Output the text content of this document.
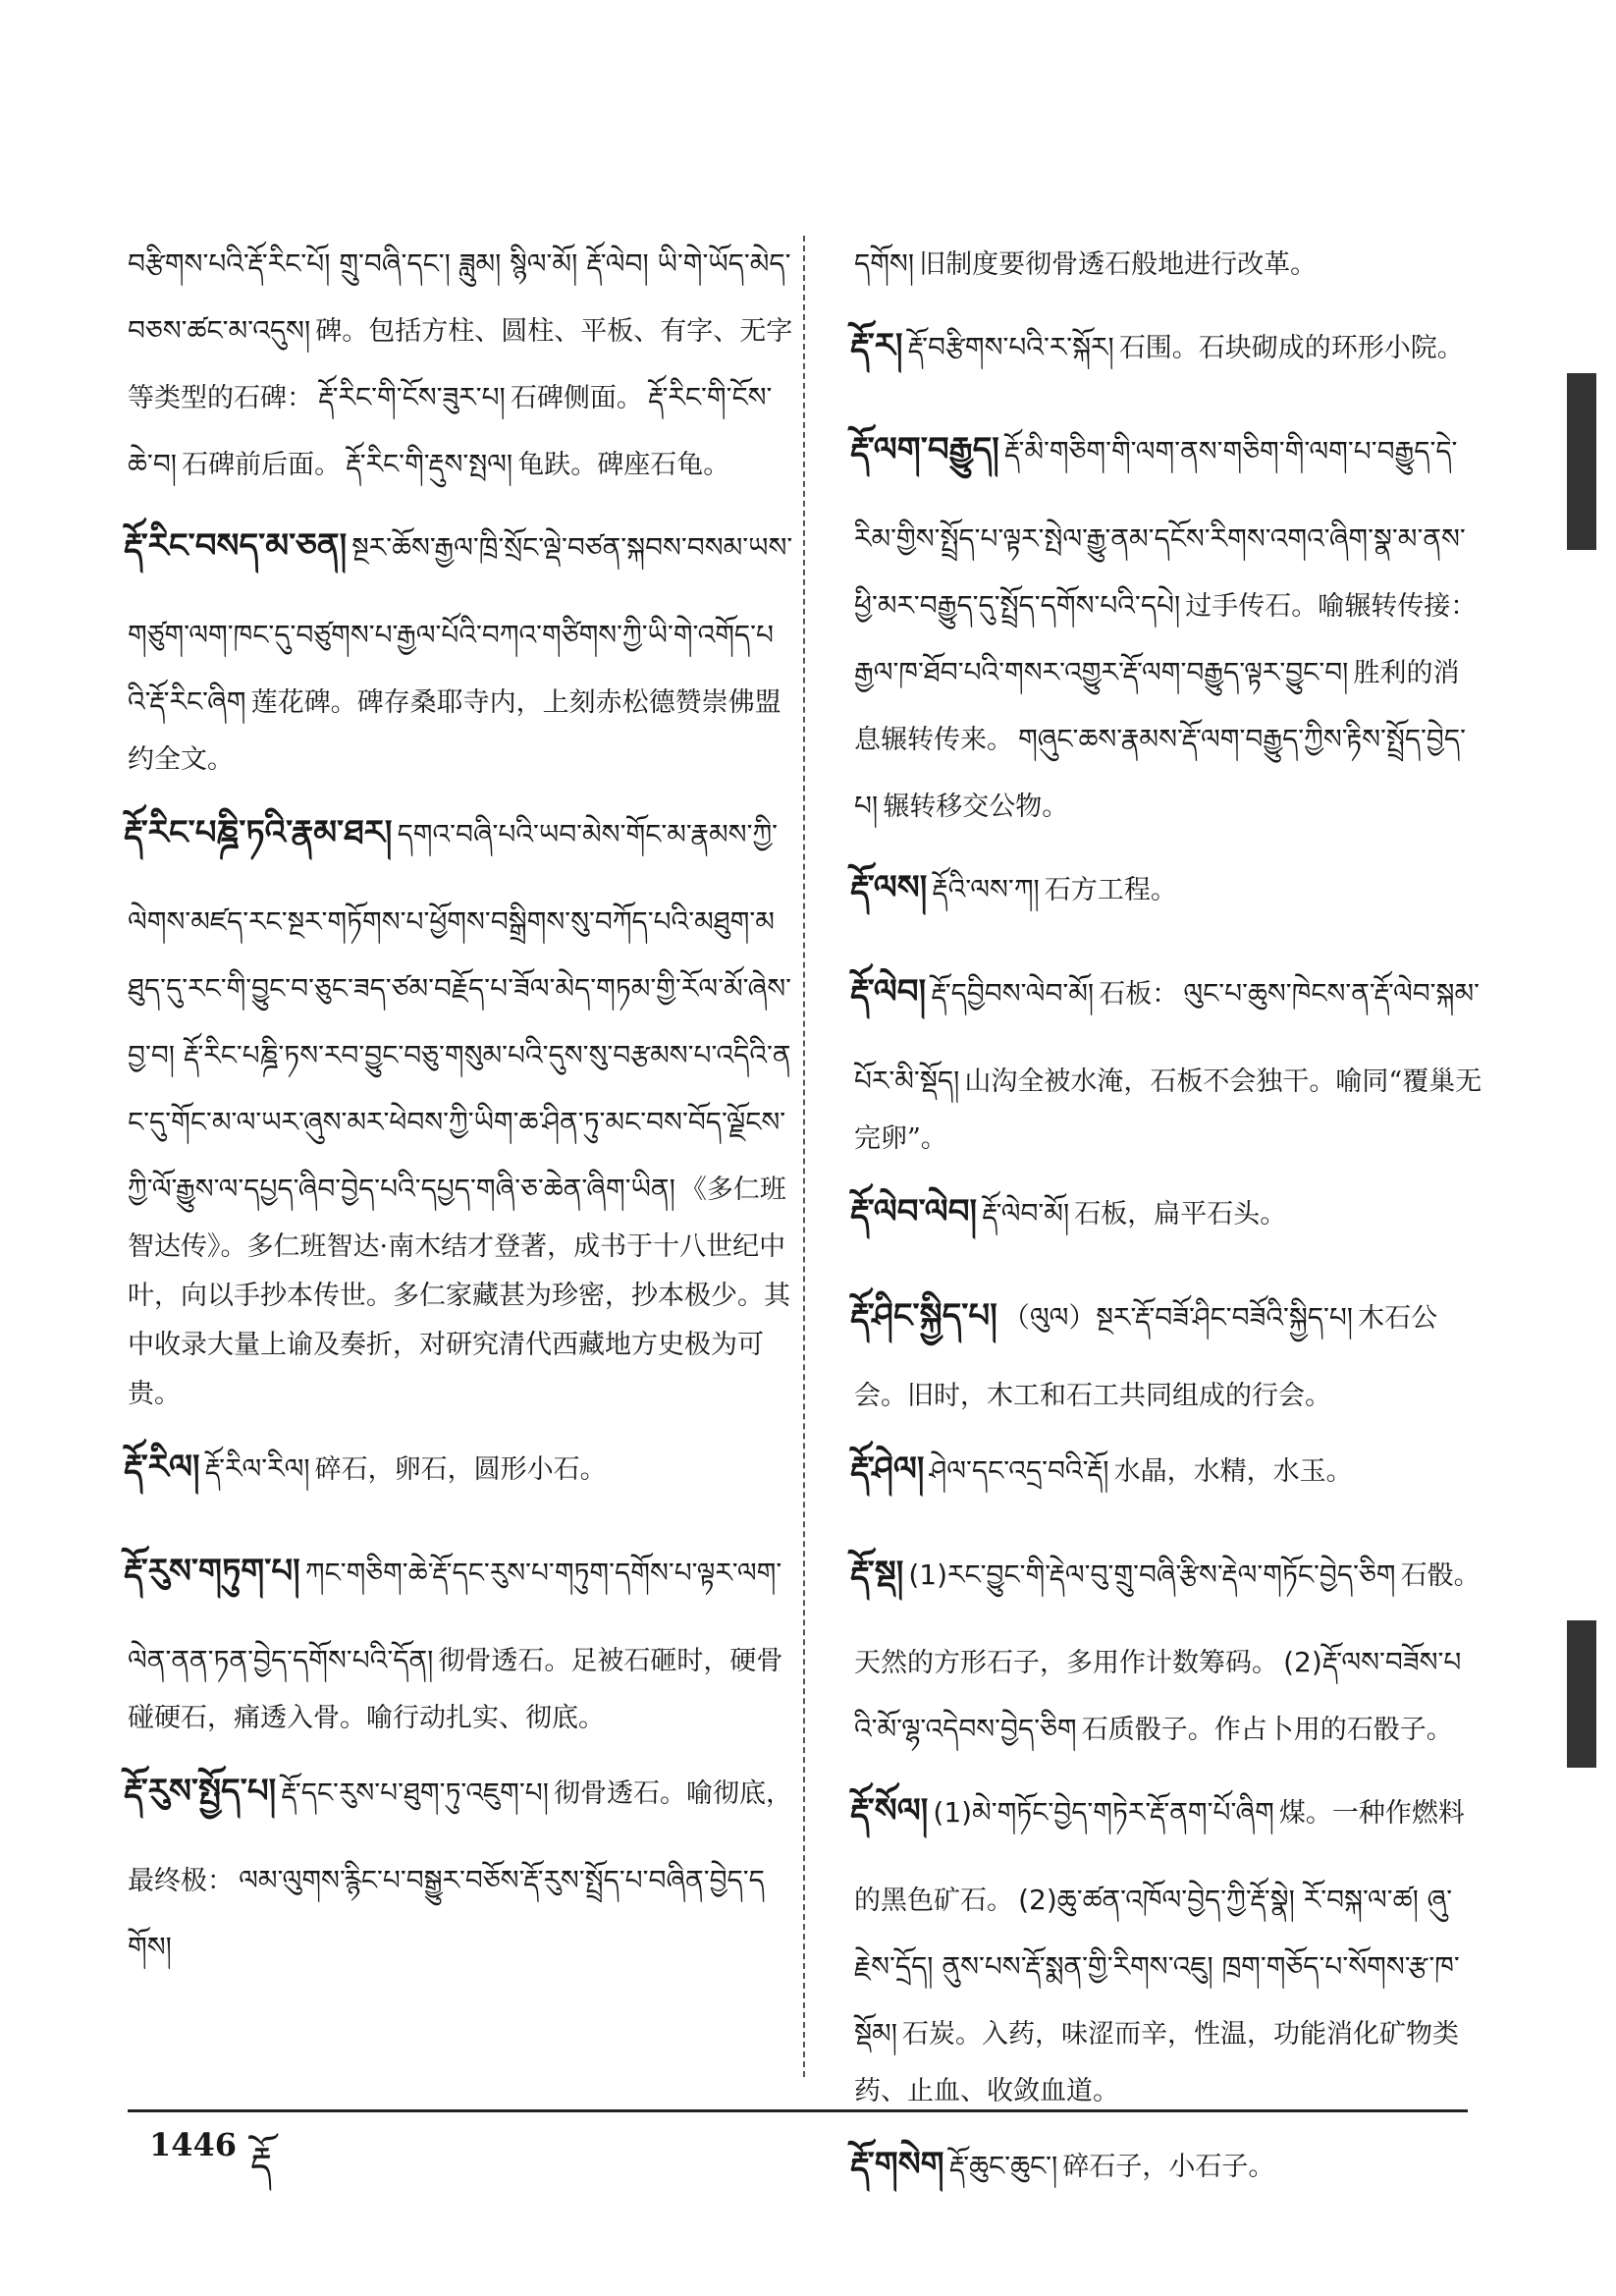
བརྩིགས་པའི་རྡོ་རིང་པོ། གྲུ་བཞི་དང་། ཟླུམ། སྙིལ་མོ། རྡོ་ལེབ། ཡི་གེ་ཡོད་མེད་བཅས་ཚང་མ་འདུས། 碑。包括方柱、圆柱、平板、有字、无字等类型的石碑： རྡོ་རིང་གི་ངོས་ཟུར་པ། 石碑侧面。 རྡོ་རིང་གི་ངོས་ཆེ་བ། 石碑前后面。 རྡོ་རིང་གི་རྡུས་སྤལ། 龟趺。碑座石龟。
རྡོ་རིང་བསད་མ་ཅན། སྔར་ཆོས་རྒྱལ་ཁྲི་སྲོང་ལྡེ་བཙན་སྐབས་བསམ་ཡས་གཙུག་ལག་ཁང་དུ་བཙུགས་པ་རྒྱལ་པོའི་བཀའ་གཙིགས་ཀྱི་ཡི་གེ་འགོད་པའི་རྡོ་རིང་ཞིག 莲花碑。碑存桑耶寺内，上刻赤松德赞崇佛盟约全文。
རྡོ་རིང་པཎྜི་ཏའི་རྣམ་ཐར། དགའ་བཞི་པའི་ཡབ་མེས་གོང་མ་རྣམས་ཀྱི་ལེགས་མཛད་རང་སྔར་གཏོགས་པ་ཕྱོགས་བསྒྲིགས་སུ་བཀོད་པའི་མཐུག་མཐུད་དུ་རང་གི་བྱུང་བ་ཅུང་ཟད་ཙམ་བརྗོད་པ་ཟོལ་མེད་གཏམ་གྱི་རོལ་མོ་ཞེས་བྱ་བ། རྡོ་རིང་པཎྜི་ཏས་རབ་བྱུང་བཅུ་གསུམ་པའི་དུས་སུ་བརྩམས་པ་འདིའི་ནང་དུ་གོང་མ་ལ་ཡར་ཞུས་མར་ཕེབས་ཀྱི་ཡིག་ཆ་ཤིན་ཏུ་མང་བས་བོད་ལྗོངས་ཀྱི་ལོ་རྒྱུས་ལ་དཔྱད་ཞིབ་བྱེད་པའི་དཔྱད་གཞི་ཅ་ཆེན་ཞིག་ཡིན། 《多仁班智达传》。多仁班智达·南木结才登著，成书于十八世纪中叶，向以手抄本传世。多仁家藏甚为珍密，抄本极少。其中收录大量上谕及奏折，对研究清代西藏地方史极为可贵。
རྡོ་རིལ། རྡོ་རིལ་རིལ། 碎石，卵石，圆形小石。
རྡོ་རུས་གཏུག་པ། ཀང་གཅིག་ཆེ་རྡོ་དང་རུས་པ་གཏུག་དགོས་པ་ལྟར་ལག་ལེན་ནན་ཏན་བྱེད་དགོས་པའི་དོན། 彻骨透石。足被石砸时，硬骨碰硬石，痛透入骨。喻行动扎实、彻底。
རྡོ་རུས་སྤྱོད་པ། རྡོ་དང་རུས་པ་ཐུག་ཏུ་འཇུག་པ། 彻骨透石。喻彻底，最终极： ལམ་ལུགས་རྙིང་པ་བསྒྱུར་བཅོས་རྡོ་རུས་སྤྲོད་པ་བཞིན་བྱེད་དགོས།
དགོས། 旧制度要彻骨透石般地进行改革。
རྡོ་ར། རྡོ་བརྩིགས་པའི་ར་སྐོར། 石围。石块砌成的环形小院。
རྡོ་ལག་བརྒྱུད། རྡོ་མི་གཅིག་གི་ལག་ནས་གཅིག་གི་ལག་པ་བརྒྱུད་དེ་རིམ་གྱིས་སྤྲོད་པ་ལྟར་སྤེལ་རྒྱུ་ནམ་དངོས་རིགས་འགའ་ཞིག་སྣ་མ་ནས་ཕྱི་མར་བརྒྱུད་དུ་སྤྲོད་དགོས་པའི་དཔེ། 过手传石。喻辗转传接： རྒྱལ་ཁ་ཐོབ་པའི་གསར་འགྱུར་རྡོ་ལག་བརྒྱུད་ལྟར་བྱུང་བ། 胜利的消息辗转传来。 གཞུང་ཆས་རྣམས་རྡོ་ལག་བརྒྱུད་ཀྱིས་རྟིས་སྤྲོད་བྱེད་པ། 辗转移交公物。
རྡོ་ལས། རྡོའི་ལས་ཀ། 石方工程。
རྡོ་ལེབ། རྡོ་དབྱིབས་ལེབ་མོ། 石板： ལུང་པ་ཆུས་ཁེངས་ན་རྡོ་ལེབ་སྐམ་པོར་མི་སྡོད། 山沟全被水淹，石板不会独干。喻同“覆巢无完卵”。
རྡོ་ལེབ་ལེབ། རྡོ་ལེབ་མོ། 石板，扁平石头。
རྡོ་ཤིང་སྐྱིད་པ། （ལུལ）སྔར་རྡོ་བཟོ་ཤིང་བཟོའི་སྐྱིད་པ། 木石公会。旧时，木工和石工共同组成的行会。
རྡོ་ཤེལ། ཤེལ་དང་འདྲ་བའི་རྡོ། 水晶，水精，水玉。
རྡོ་སྡ། (1)རང་བྱུང་གི་རྡེལ་བུ་གྲུ་བཞི་རྩིས་རྡེལ་གཏོང་བྱེད་ཅིག 石骰。天然的方形石子，多用作计数筹码。 (2)རྡོ་ལས་བཟོས་པའི་མོ་ལྷ་འདེབས་བྱེད་ཅིག 石质骰子。作占卜用的石骰子。
རྡོ་སོལ། (1)མེ་གཏོང་བྱེད་གཏེར་རྡོ་ནག་པོ་ཞིག 煤。一种作燃料的黑色矿石。 (2)ཆུ་ཚན་འཁོལ་བྱེད་ཀྱི་རྡོ་སྣེ། རོ་བསྐ་ལ་ཚ། ཞུ་རྗེས་དྲོད། ནུས་པས་རྡོ་སྨན་གྱི་རིགས་འཇུ། ཁྲག་གཅོད་པ་སོགས་རྩ་ཁ་སྡོམ། 石炭。入药，味涩而辛，性温，功能消化矿物类药、止血、收敛血道。
རྡོ་གསེག རྡོ་ཆུང་ཆུང་། 碎石子，小石子。
1446 རྡོ
